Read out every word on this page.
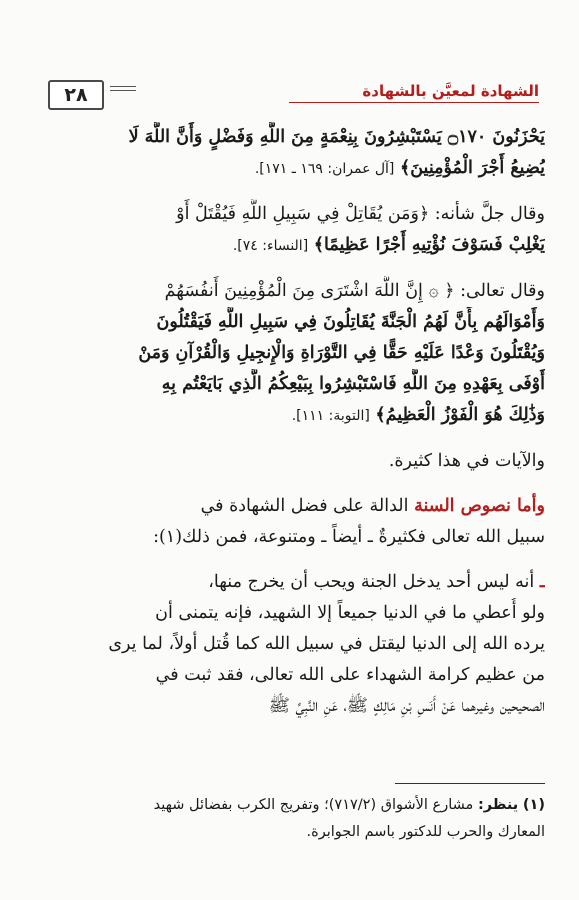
الشهادة لمعيَّن بالشهادة
٢٨
يَحْزَنُونَ ۝١٧٠ يَسْتَبْشِرُونَ بِنِعْمَةٍ مِنَ اللَّهِ وَفَضْلٍ وَأَنَّ اللَّهَ لَا
يُضِيعُ أَجْرَ الْمُؤْمِنِينَ﴾ [آل عمران: ١٦٩ ـ ١٧١].
وقال جلَّ شأنه: ﴿وَمَن يُقَاتِلْ فِي سَبِيلِ اللَّهِ فَيُقْتَلْ أَوْ
يَغْلِبْ فَسَوْفَ نُؤْتِيهِ أَجْرًا عَظِيمًا﴾ [النساء: ٧٤].
وقال تعالى: ﴿ ۞ إِنَّ اللَّهَ اشْتَرَى مِنَ الْمُؤْمِنِينَ أَنفُسَهُمْ
وَأَمْوَالَهُم بِأَنَّ لَهُمُ الْجَنَّةَ يُقَاتِلُونَ فِي سَبِيلِ اللَّهِ فَيَقْتُلُونَ
وَيُقْتَلُونَ وَعْدًا عَلَيْهِ حَقًّا فِي التَّوْرَاةِ وَالْإِنجِيلِ وَالْقُرْآنِ وَمَنْ
أَوْفَى بِعَهْدِهِ مِنَ اللَّهِ فَاسْتَبْشِرُوا بِبَيْعِكُمُ الَّذِي بَايَعْتُم بِهِ
وَذَٰلِكَ هُوَ الْفَوْزُ الْعَظِيمُ﴾ [التوبة: ١١١].
والآيات في هذا كثيرة.
وأما نصوص السنة الدالة على فضل الشهادة في
سبيل الله تعالى فكثيرةٌ ـ أيضاً ـ ومتنوعة، فمن ذلك(١):
ـ أنه ليس أحد يدخل الجنة ويحب أن يخرج منها،
ولو أُعطي ما في الدنيا جميعاً إلا الشهيد، فإنه يتمنى أن
يرده الله إلى الدنيا ليقتل في سبيل الله كما قُتل أولاً، لما يرى
من عظيم كرامة الشهداء على الله تعالى، فقد ثبت في
الصحيحين وغيرهما عَنْ أَنَسِ بْنِ مَالِكٍ ﷺ، عَنِ النَّبِيِّ ﷺ
(١) ينظر: مشارع الأشواق (٧١٧/٢)؛ وتفريج الكرب بفضائل شهيد
المعارك والحرب للدكتور باسم الجوابرة.
